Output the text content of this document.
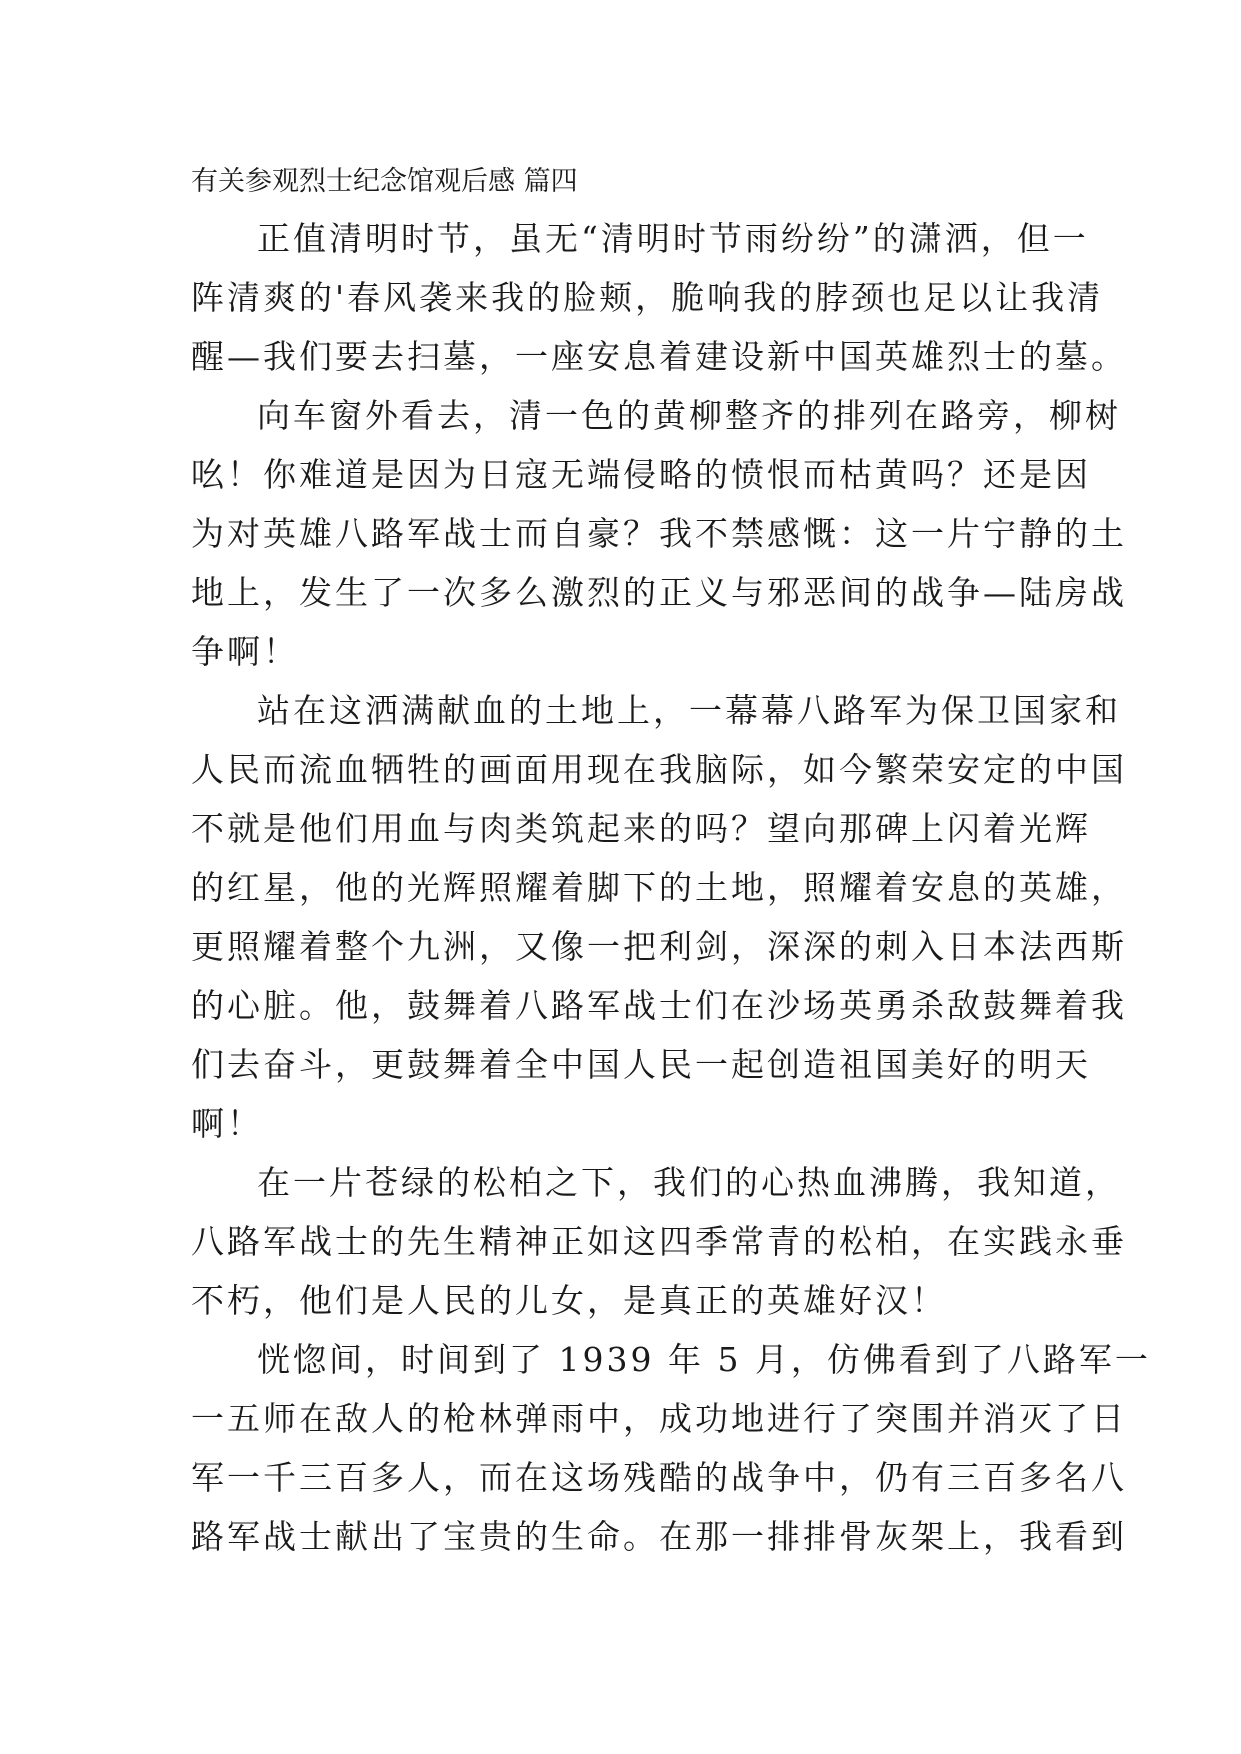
有关参观烈士纪念馆观后感 篇四
正值清明时节，虽无“清明时节雨纷纷”的潇洒，但一
阵清爽的'春风袭来我的脸颊，脆响我的脖颈也足以让我清
醒—我们要去扫墓，一座安息着建设新中国英雄烈士的墓。
向车窗外看去，清一色的黄柳整齐的排列在路旁，柳树
吆！你难道是因为日寇无端侵略的愤恨而枯黄吗？还是因
为对英雄八路军战士而自豪？我不禁感慨：这一片宁静的土
地上，发生了一次多么激烈的正义与邪恶间的战争—陆房战
争啊！
站在这洒满献血的土地上，一幕幕八路军为保卫国家和
人民而流血牺牲的画面用现在我脑际，如今繁荣安定的中国
不就是他们用血与肉类筑起来的吗？望向那碑上闪着光辉
的红星，他的光辉照耀着脚下的土地，照耀着安息的英雄，
更照耀着整个九洲，又像一把利剑，深深的刺入日本法西斯
的心脏。他，鼓舞着八路军战士们在沙场英勇杀敌鼓舞着我
们去奋斗，更鼓舞着全中国人民一起创造祖国美好的明天
啊！
在一片苍绿的松柏之下，我们的心热血沸腾，我知道，
八路军战士的先生精神正如这四季常青的松柏，在实践永垂
不朽，他们是人民的儿女，是真正的英雄好汉！
恍惚间，时间到了 1939 年 5 月，仿佛看到了八路军一
一五师在敌人的枪林弹雨中，成功地进行了突围并消灭了日
军一千三百多人，而在这场残酷的战争中，仍有三百多名八
路军战士献出了宝贵的生命。在那一排排骨灰架上，我看到
